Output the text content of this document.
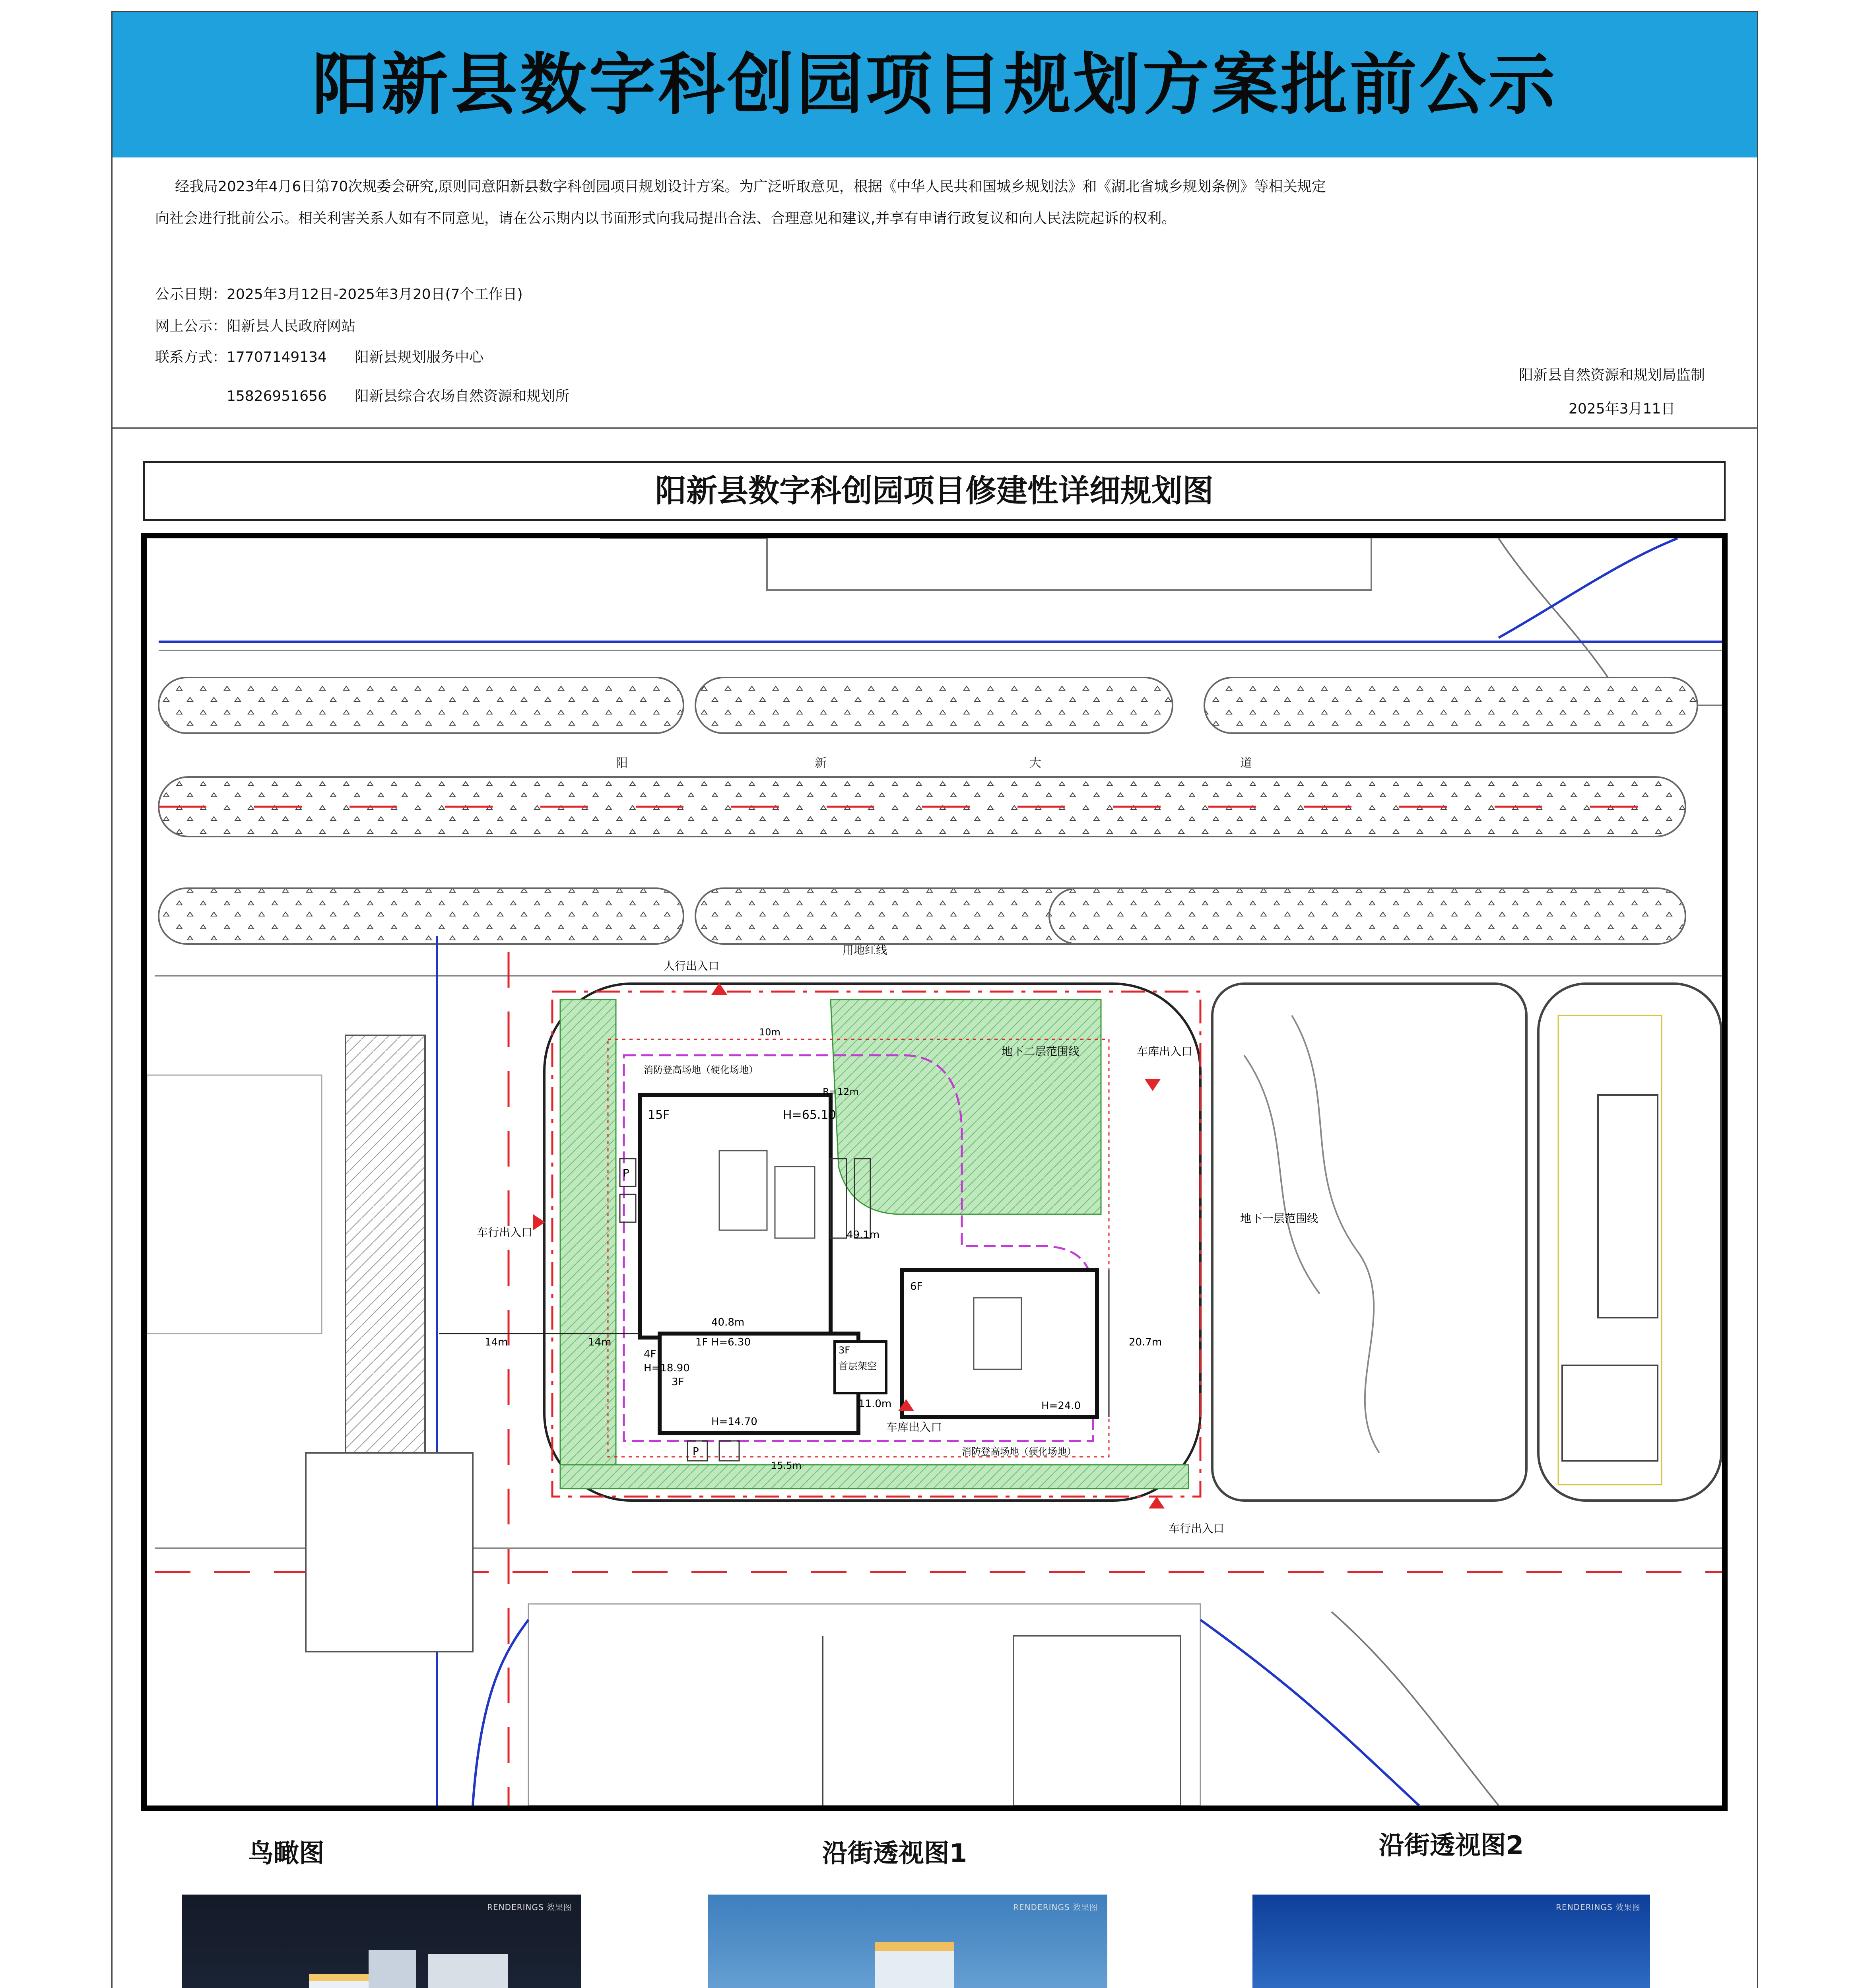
阳新县数字科创园项目规划方案批前公示

经我局2023年4月6日第70次规委会研究,原则同意阳新县数字科创园项目规划设计方案。为广泛听取意见，根据《中华人民共和国城乡规划法》和《湖北省城乡规划条例》等相关规定

向社会进行批前公示。相关利害关系人如有不同意见，请在公示期内以书面形式向我局提出合法、合理意见和建议,并享有申请行政复议和向人民法院起诉的权利。

公示日期：2025年3月12日-2025年3月20日(7个工作日)
网上公示：阳新县人民政府网站
联系方式：17707149134 阳新县规划服务中心
15826951656 阳新县综合农场自然资源和规划所
阳新县自然资源和规划局监制
2025年3月11日
阳新县数字科创园项目修建性详细规划图
阳	新	大	道
P
P
人行出入口
用地红线
车库出入口
地下二层范围线
地下一层范围线
车行出入口
车行出入口
车库出入口
消防登高场地（硬化场地）
消防登高场地（硬化场地）
15F	H=65.10
40.8m
49.1m
1F H=6.30
4F
H=18.90
3F
H=14.70
3F
首层架空
11.0m
6F
H=24.0
20.7m
14m	14m
10m
15.5m
R=12m
鸟瞰图	沿街透视图1	沿街透视图2
RENDERINGS 效果图	RENDERINGS 效果图	RENDERINGS 效果图
